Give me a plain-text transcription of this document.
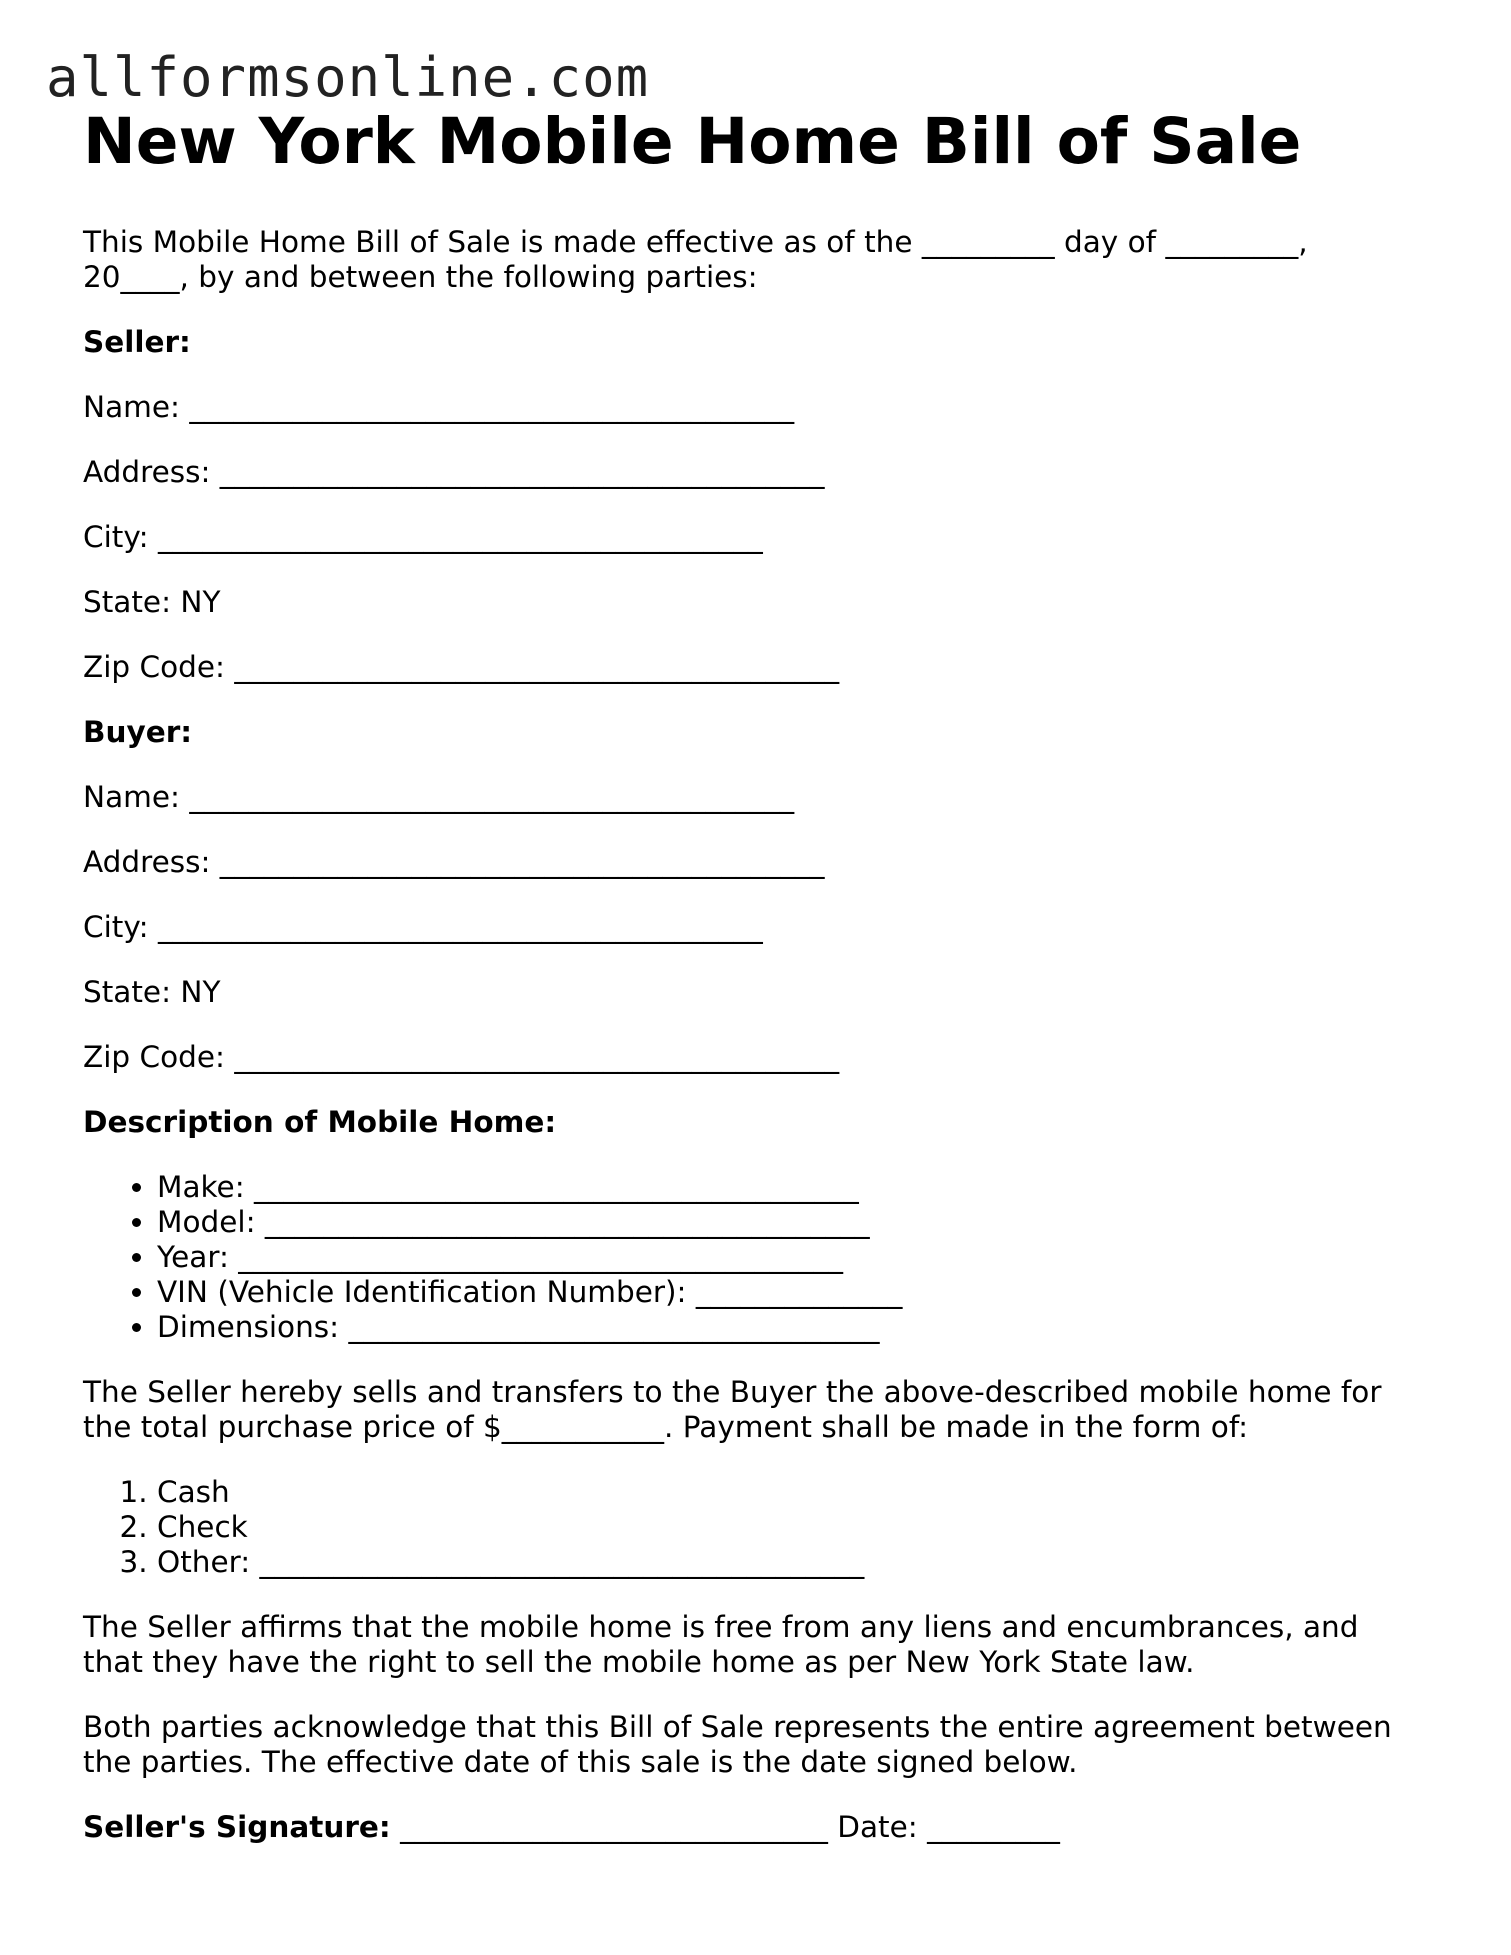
allformsonline.com
New York Mobile Home Bill of Sale

This Mobile Home Bill of Sale is made effective as of the _________ day of _________,
20____, by and between the following parties:

Seller:
Name: _________________________________________
Address: _________________________________________
City: _________________________________________
State: NY
Zip Code: _________________________________________
Buyer:
Name: _________________________________________
Address: _________________________________________
City: _________________________________________
State: NY
Zip Code: _________________________________________
Description of Mobile Home:
• Make: _________________________________________
• Model: _________________________________________
• Year: _________________________________________
• VIN (Vehicle Identification Number): ______________
• Dimensions: ____________________________________

The Seller hereby sells and transfers to the Buyer the above-described mobile home for
the total purchase price of $___________. Payment shall be made in the form of:

1. Cash
2. Check
3. Other: _________________________________________

The Seller affirms that the mobile home is free from any liens and encumbrances, and
that they have the right to sell the mobile home as per New York State law.

Both parties acknowledge that this Bill of Sale represents the entire agreement between
the parties. The effective date of this sale is the date signed below.

Seller's Signature: _____________________________ Date: _________
